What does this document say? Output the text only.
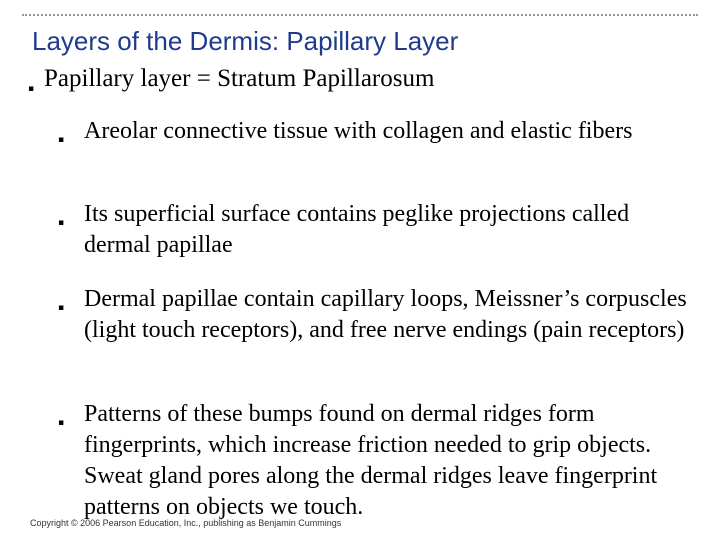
Layers of the Dermis: Papillary Layer
▪ Papillary layer = Stratum Papillarosum
▪ Areolar connective tissue with collagen and elastic fibers
▪ Its superficial surface contains peglike projections called dermal papillae
▪ Dermal papillae contain capillary loops, Meissner’s corpuscles (light touch receptors), and free nerve endings (pain receptors)
▪ Patterns of these bumps found on dermal ridges form fingerprints, which increase friction needed to grip objects. Sweat gland pores along the dermal ridges leave fingerprint patterns on objects we touch.
Copyright © 2006 Pearson Education, Inc., publishing as Benjamin Cummings
